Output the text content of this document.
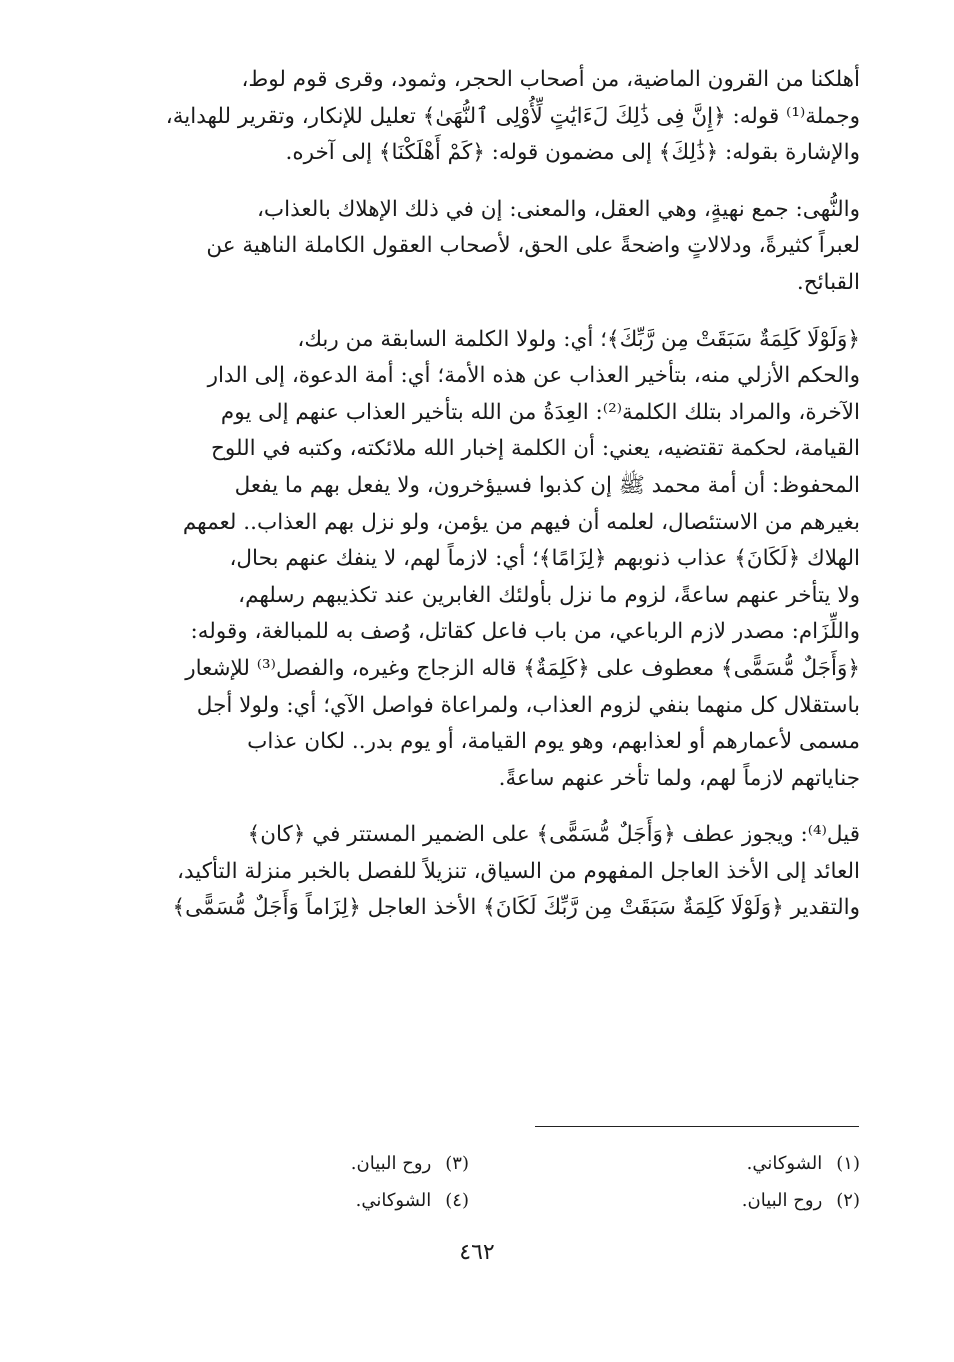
أهلكنا من القرون الماضية، من أصحاب الحجر، وثمود، وقرى قوم لوط،

وجملة⁽¹⁾ قوله: ﴿إِنَّ فِى ذَٰلِكَ لَءَايَٰتٍ لِّأُوْلِى ٱلنُّهَىٰ﴾ تعليل للإنكار، وتقرير للهداية،

والإشارة بقوله: ﴿ذَٰلِكَ﴾ إلى مضمون قوله: ﴿كَمْ أَهْلَكْنَا﴾ إلى آخره.

والنُّهى: جمع نهيةٍ، وهي العقل، والمعنى: إن في ذلك الإهلاك بالعذاب،

لعبراً كثيرةً، ودلالاتٍ واضحةً على الحق، لأصحاب العقول الكاملة الناهية عن

القبائح.

﴿وَلَوْلَا كَلِمَةٌ سَبَقَتْ مِن رَّبِّكَ﴾؛ أي: ولولا الكلمة السابقة من ربك،

والحكم الأزلي منه، بتأخير العذاب عن هذه الأمة؛ أي: أمة الدعوة، إلى الدار

الآخرة، والمراد بتلك الكلمة⁽²⁾: العِدَةُ من الله بتأخير العذاب عنهم إلى يوم

القيامة، لحكمة تقتضيه، يعني: أن الكلمة إخبار الله ملائكته، وكتبه في اللوح

المحفوظ: أن أمة محمد ﷺ إن كذبوا فسيؤخرون، ولا يفعل بهم ما يفعل

بغيرهم من الاستئصال، لعلمه أن فيهم من يؤمن، ولو نزل بهم العذاب.. لعمهم

الهلاك ﴿لَكَانَ﴾ عذاب ذنوبهم ﴿لِزَامًا﴾؛ أي: لازماً لهم، لا ينفك عنهم بحال،

ولا يتأخر عنهم ساعةً، لزوم ما نزل بأولئك الغابرين عند تكذيبهم رسلهم،

واللِّزَام: مصدر لازم الرباعي، من باب فاعل كقاتل، وُصف به للمبالغة، وقوله:

﴿وَأَجَلٌ مُّسَمًّى﴾ معطوف على ﴿كَلِمَةٌ﴾ قاله الزجاج وغيره، والفصل⁽³⁾ للإشعار

باستقلال كل منهما بنفي لزوم العذاب، ولمراعاة فواصل الآي؛ أي: ولولا أجل

مسمى لأعمارهم أو لعذابهم، وهو يوم القيامة، أو يوم بدر.. لكان عذاب

جناياتهم لازماً لهم، ولما تأخر عنهم ساعةً.

قيل⁽⁴⁾: ويجوز عطف ﴿وَأَجَلٌ مُّسَمًّى﴾ على الضمير المستتر في ﴿كان﴾

العائد إلى الأخذ العاجل المفهوم من السياق، تنزيلاً للفصل بالخبر منزلة التأكيد،

والتقدير ﴿وَلَوْلَا كَلِمَةٌ سَبَقَتْ مِن رَّبِّكَ لَكَانَ﴾ الأخذ العاجل ﴿لِزَاماً وَأَجَلٌ مُّسَمًّى﴾

(١)الشوكاني.
(٣)روح البيان.
(٢)روح البيان.
(٤)الشوكاني.
٤٦٢
